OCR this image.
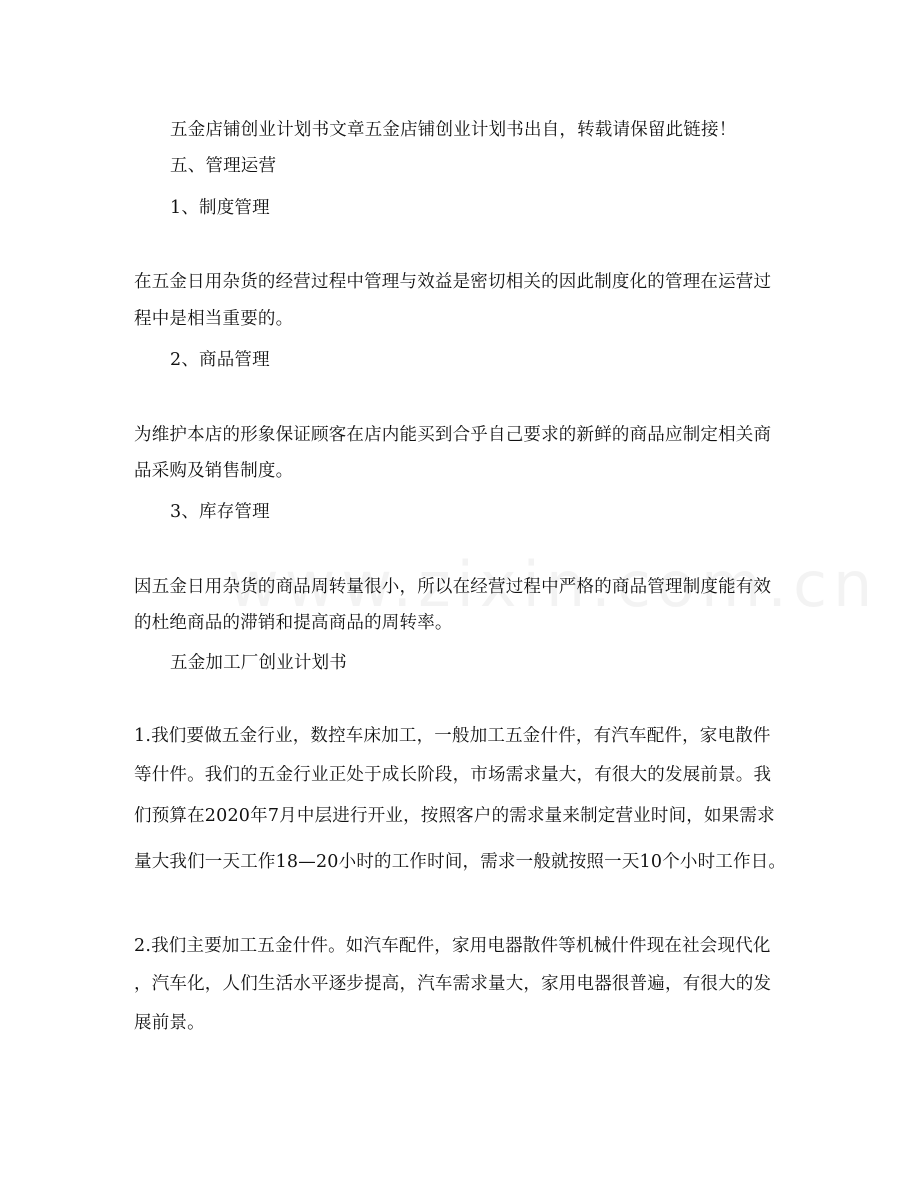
五金店铺创业计划书文章五金店铺创业计划书出自，转载请保留此链接！
五、管理运营
1、制度管理
在五金日用杂货的经营过程中管理与效益是密切相关的因此制度化的管理在运营过
程中是相当重要的。
2、商品管理
为维护本店的形象保证顾客在店内能买到合乎自己要求的新鲜的商品应制定相关商
品采购及销售制度。
3、库存管理
因五金日用杂货的商品周转量很小，所以在经营过程中严格的商品管理制度能有效
的杜绝商品的滞销和提高商品的周转率。
五金加工厂创业计划书
1.我们要做五金行业，数控车床加工，一般加工五金什件，有汽车配件，家电散件
等什件。我们的五金行业正处于成长阶段，市场需求量大，有很大的发展前景。我
们预算在2020年7月中层进行开业，按照客户的需求量来制定营业时间，如果需求
量大我们一天工作18—20小时的工作时间，需求一般就按照一天10个小时工作日。
2.我们主要加工五金什件。如汽车配件，家用电器散件等机械什件现在社会现代化
，汽车化，人们生活水平逐步提高，汽车需求量大，家用电器很普遍，有很大的发
展前景。
